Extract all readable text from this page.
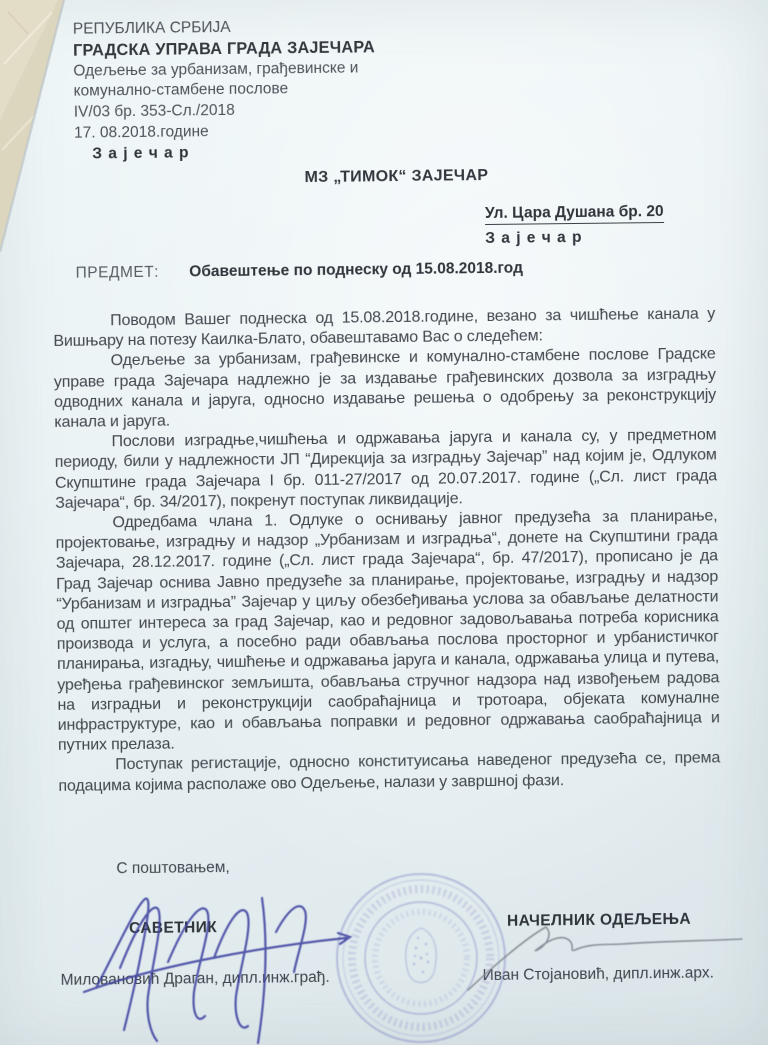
РЕПУБЛИКА СРБИЈА
ГРАДСКА УПРАВА ГРАДА ЗАЈЕЧАРА
Одељење за урбанизам, грађевинске и
комунално-стамбене послове
IV/03 бр. 353-Сл./2018
17. 08.2018.године
З а ј е ч а р
МЗ „ТИМОК“ ЗАЈЕЧАР
Ул. Цара Душана бр. 20
З а ј е ч а р
ПРЕДМЕТ: Обавештење по поднеску од 15.08.2018.год

Поводом Вашег поднеска од 15.08.2018.године, везано за чишћење канала у Вишњару на потезу Каилка-Блато, обавештавамо Вас о следећем:

Одељење за урбанизам, грађевинске и комунално-стамбене послове Градске управе града Зајечара надлежно је за издавање грађевинских дозвола за изградњу одводних канала и јаруга, односно издавање решења о одобрењу за реконструкцију канала и јаруга.

Послови изградње,чишћења и одржавања јаруга и канала су, у предметном периоду, били у надлежности ЈП “Дирекција за изградњу Зајечар” над којим је, Одлуком Скупштине града Зајечара I бр. 011-27/2017 од 20.07.2017. године („Сл. лист града Зајечара“, бр. 34/2017), покренут поступак ликвидације.

Одредбама члана 1. Одлуке о оснивању јавног предузећа за планирање, пројектовање, изградњу и надзор „Урбанизам и изградња“, донете на Скупштини града Зајечара, 28.12.2017. године („Сл. лист града Зајечара“, бр. 47/2017), прописано је да Град Зајечар оснива Јавно предузеће за планирање, пројектовање, изградњу и надзор “Урбанизам и изградња” Зајечар у циљу обезбеђивања услова за обављање делатности од општег интереса за град Зајечар, као и редовног задовољавања потреба корисника производа и услуга, а посебно ради обављања послова просторног и урбанистичког планирања, изгадњу, чишћење и одржавања јаруга и канала, одржавања улица и путева, уређења грађевинског земљишта, обављања стручног надзора над извођењем радова на изградњи и реконструкцији саобраћајница и тротоара, објеката комуналне инфраструктуре, као и обављања поправки и редовног одржавања саобраћајница и путних прелаза.

Поступак регистације, односно конституисања наведеног предузећа се, према подацима којима располаже ово Одељење, налази у завршној фази.

С поштовањем,
САВЕТНИК
Миловановић Драган, дипл.инж.грађ.
НАЧЕЛНИК ОДЕЉЕЊА
Иван Стојановић, дипл.инж.арх.
